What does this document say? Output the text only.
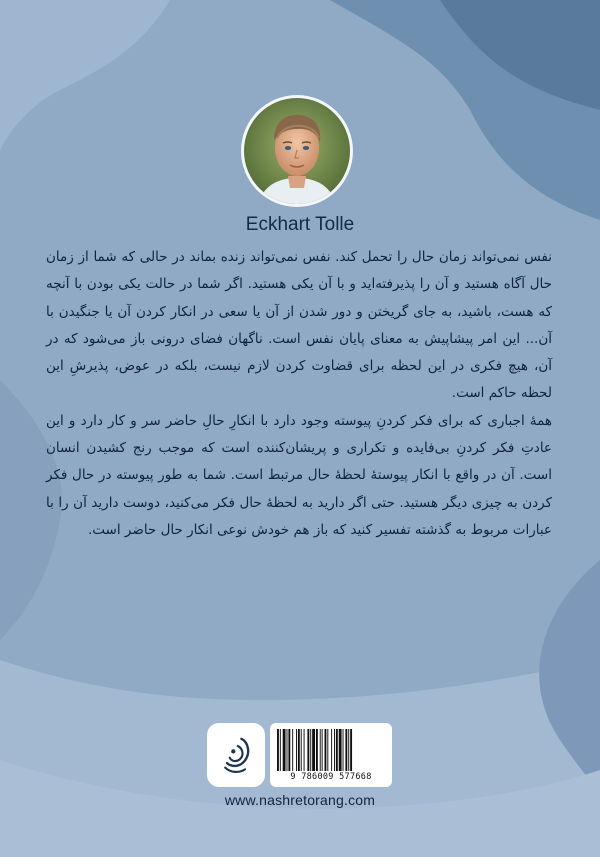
Eckhart Tolle

نفس نمی‌تواند زمان حال را تحمل کند. نفس نمی‌تواند زنده بماند در حالی که شما از زمان حال آگاه هستید و آن را پذیرفته‌اید و با آن یکی هستید. اگر شما در حالت یکی بودن با آنچه که هست، باشید، به جای گریختن و دور شدن از آن یا سعی در انکار کردن آن یا جنگیدن با آن... این امر پیشاپیش به معنای پایان نفس است. ناگهان فضای درونی باز می‌شود که در آن، هیچ فکری در این لحظه برای قضاوت کردن لازم نیست، بلکه در عوض، پذیرشِ این لحظه حاکم است.

همهٔ اجباری که برای فکر کردنِ پیوسته وجود دارد با انکارِ حالِ حاضر سر و کار دارد و این عادتِ فکر کردنِ بی‌فایده و تکراری و پریشان‌کننده است که موجب رنج کشیدن انسان است. آن در واقع با انکار پیوستهٔ لحظهٔ حال مرتبط است. شما به طور پیوسته در حال فکر کردن به چیزی دیگر هستید. حتی اگر دارید به لحظهٔ حال فکر می‌کنید، دوست دارید آن را با عبارات مربوط به گذشته تفسیر کنید که باز هم خودش نوعی انکار حال حاضر است.

9 786009 577668
www.nashretorang.com
